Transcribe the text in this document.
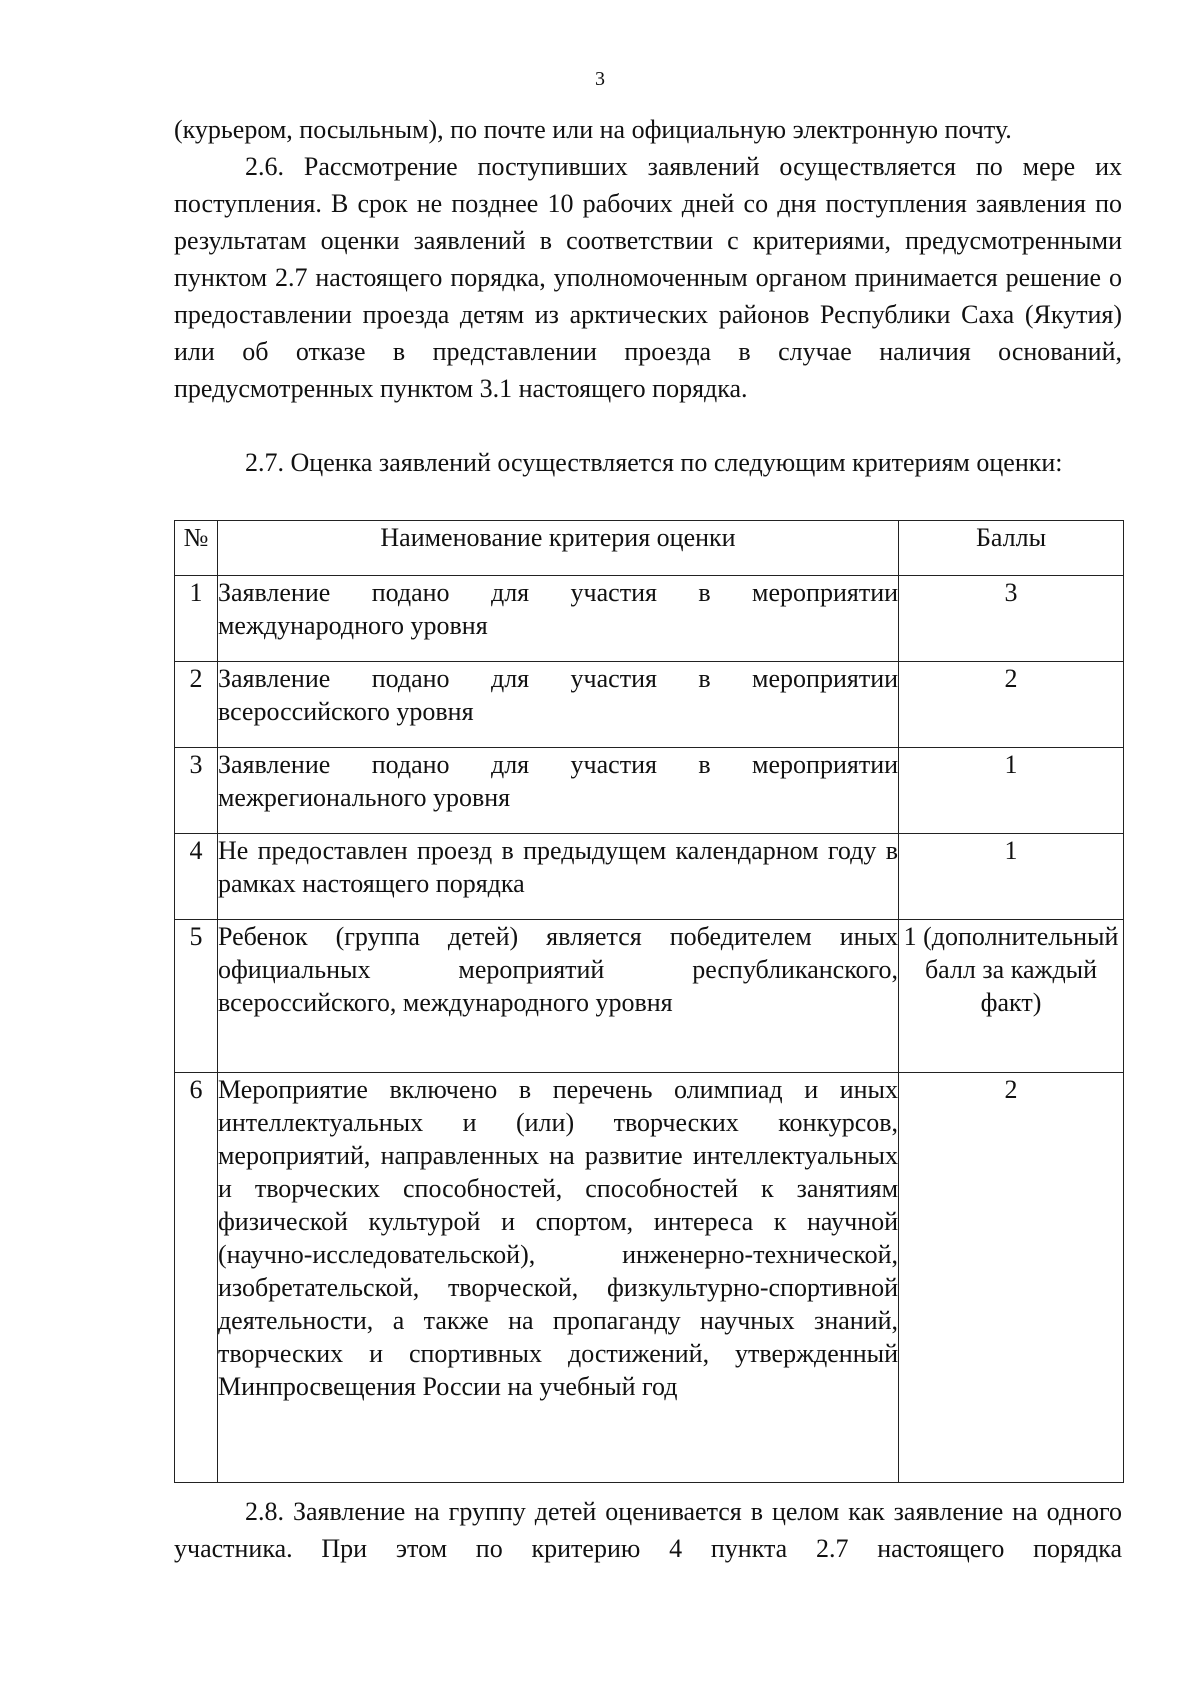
3

(курьером, посыльным), по почте или на официальную электронную почту.

2.6. Рассмотрение поступивших заявлений осуществляется по мере их поступления. В срок не позднее 10 рабочих дней со дня поступления заявления по результатам оценки заявлений в соответствии с критериями, предусмотренными пунктом 2.7 настоящего порядка, уполномоченным органом принимается решение о предоставлении проезда детям из арктических районов Республики Саха (Якутия) или об отказе в представлении проезда в случае наличия оснований, предусмотренных пунктом 3.1 настоящего порядка.

2.7. Оценка заявлений осуществляется по следующим критериям оценки:

№	Наименование критерия оценки	Баллы
1	Заявление подано для участия в мероприятии международного уровня	3
2	Заявление подано для участия в мероприятии всероссийского уровня	2
3	Заявление подано для участия в мероприятии межрегионального уровня	1
4	Не предоставлен проезд в предыдущем календарном году в рамках настоящего порядка	1
5	Ребенок (группа детей) является победителем иных официальных мероприятий республиканского, всероссийского, международного уровня	1 (дополнительный балл за каждый факт)
6	Мероприятие включено в перечень олимпиад и иных интеллектуальных и (или) творческих конкурсов, мероприятий, направленных на развитие интеллектуальных и творческих способностей, способностей к занятиям физической культурой и спортом, интереса к научной (научно-исследовательской), инженерно-технической, изобретательской, творческой, физкультурно-спортивной деятельности, а также на пропаганду научных знаний, творческих и спортивных достижений, утвержденный Минпросвещения России на учебный год	2

2.8. Заявление на группу детей оценивается в целом как заявление на одного участника. При этом по критерию 4 пункта 2.7 настоящего порядка
